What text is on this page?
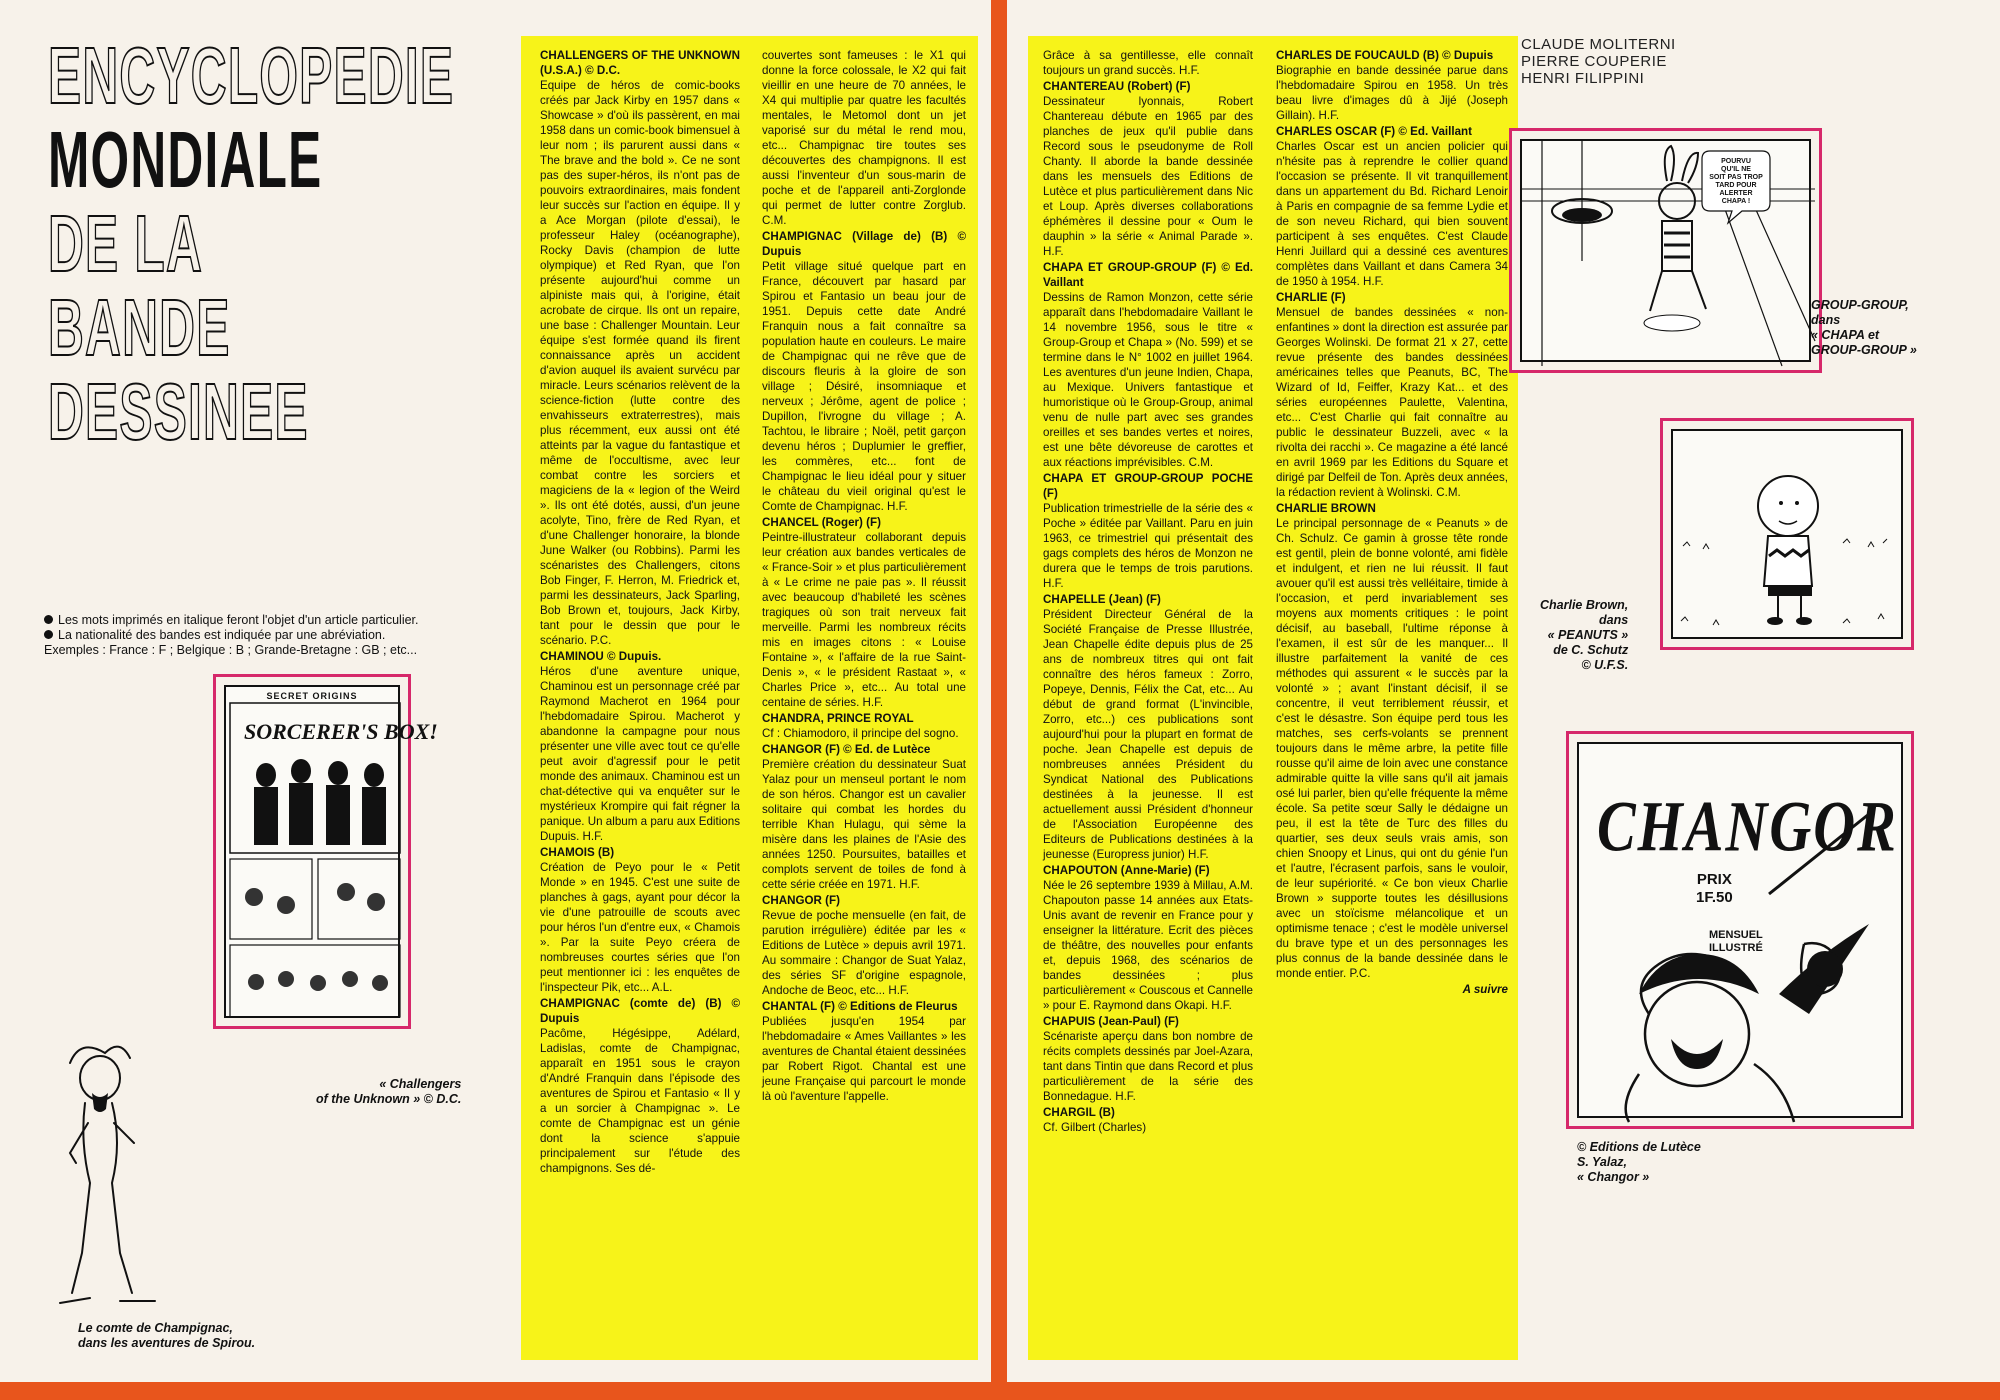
ENCYCLOPEDIE
MONDIALE
DE LA
BANDE
DESSINEE

Les mots imprimés en italique feront l'objet d'un article particulier.

La nationalité des bandes est indiquée par une abréviation.

Exemples : France : F ; Belgique : B ; Grande-Bretagne : GB ; etc...

CHALLENGERS OF THE UNKNOWN (U.S.A.) © D.C.
Equipe de héros de comic-books créés par Jack Kirby en 1957 dans « Showcase » d'où ils passèrent, en mai 1958 dans un comic-book bimensuel à leur nom ; ils parurent aussi dans « The brave and the bold ». Ce ne sont pas des super-héros, ils n'ont pas de pouvoirs extraordinaires, mais fondent leur succès sur l'action en équipe. Il y a Ace Morgan (pilote d'essai), le professeur Haley (océanographe), Rocky Davis (champion de lutte olympique) et Red Ryan, que l'on présente aujourd'hui comme un alpiniste mais qui, à l'origine, était acrobate de cirque. Ils ont un repaire, une base : Challenger Mountain. Leur équipe s'est formée quand ils firent connaissance après un accident d'avion auquel ils avaient survécu par miracle. Leurs scénarios relèvent de la science-fiction (lutte contre des envahisseurs extraterrestres), mais plus récemment, eux aussi ont été atteints par la vague du fantastique et même de l'occultisme, avec leur combat contre les sorciers et magiciens de la « legion of the Weird ». Ils ont été dotés, aussi, d'un jeune acolyte, Tino, frère de Red Ryan, et d'une Challenger honoraire, la blonde June Walker (ou Robbins). Parmi les scénaristes des Challengers, citons Bob Finger, F. Herron, M. Friedrick et, parmi les dessinateurs, Jack Sparling, Bob Brown et, toujours, Jack Kirby, tant pour le dessin que pour le scénario. P.C.

CHAMINOU © Dupuis.
Héros d'une aventure unique, Chaminou est un personnage créé par Raymond Macherot en 1964 pour l'hebdomadaire Spirou. Macherot y abandonne la campagne pour nous présenter une ville avec tout ce qu'elle peut avoir d'agressif pour le petit monde des animaux. Chaminou est un chat-détective qui va enquêter sur le mystérieux Krompire qui fait régner la panique. Un album a paru aux Editions Dupuis. H.F.

CHAMOIS (B)
Création de Peyo pour le « Petit Monde » en 1945. C'est une suite de planches à gags, ayant pour décor la vie d'une patrouille de scouts avec pour héros l'un d'entre eux, « Chamois ». Par la suite Peyo créera de nombreuses courtes séries que l'on peut mentionner ici : les enquêtes de l'inspecteur Pik, etc... A.L.

CHAMPIGNAC (comte de) (B) © Dupuis
Pacôme, Hégésippe, Adélard, Ladislas, comte de Champignac, apparaît en 1951 sous le crayon d'André Franquin dans l'épisode des aventures de Spirou et Fantasio « Il y a un sorcier à Champignac ». Le comte de Champignac est un génie dont la science s'appuie principalement sur l'étude des champignons. Ses dé-

couvertes sont fameuses : le X1 qui donne la force colossale, le X2 qui fait vieillir en une heure de 70 années, le X4 qui multiplie par quatre les facultés mentales, le Metomol dont un jet vaporisé sur du métal le rend mou, etc... Champignac tire toutes ses découvertes des champignons. Il est aussi l'inventeur d'un sous-marin de poche et de l'appareil anti-Zorglonde qui permet de lutter contre Zorglub. C.M.

CHAMPIGNAC (Village de) (B) © Dupuis
Petit village situé quelque part en France, découvert par hasard par Spirou et Fantasio un beau jour de 1951. Depuis cette date André Franquin nous a fait connaître sa population haute en couleurs. Le maire de Champignac qui ne rêve que de discours fleuris à la gloire de son village ; Désiré, insomniaque et nerveux ; Jérôme, agent de police ; Dupillon, l'ivrogne du village ; A. Tachtou, le libraire ; Noël, petit garçon devenu héros ; Duplumier le greffier, les commères, etc... font de Champignac le lieu idéal pour y situer le château du vieil original qu'est le Comte de Champignac. H.F.

CHANCEL (Roger) (F)
Peintre-illustrateur collaborant depuis leur création aux bandes verticales de « France-Soir » et plus particulièrement à « Le crime ne paie pas ». Il réussit avec beaucoup d'habileté les scènes tragiques où son trait nerveux fait merveille. Parmi les nombreux récits mis en images citons : « Louise Fontaine », « l'affaire de la rue Saint-Denis », « le président Rastaat », « Charles Price », etc... Au total une centaine de séries. H.F.

CHANDRA, PRINCE ROYAL
Cf : Chiamodoro, il principe del sogno.

CHANGOR (F) © Ed. de Lutèce
Première création du dessinateur Suat Yalaz pour un menseul portant le nom de son héros. Changor est un cavalier solitaire qui combat les hordes du terrible Khan Hulagu, qui sème la misère dans les plaines de l'Asie des années 1250. Poursuites, batailles et complots servent de toiles de fond à cette série créée en 1971. H.F.

CHANGOR (F)
Revue de poche mensuelle (en fait, de parution irrégulière) éditée par les « Editions de Lutèce » depuis avril 1971. Au sommaire : Changor de Suat Yalaz, des séries SF d'origine espagnole, Andoche de Beoc, etc... H.F.

CHANTAL (F) © Editions de Fleurus
Publiées jusqu'en 1954 par l'hebdomadaire « Ames Vaillantes » les aventures de Chantal étaient dessinées par Robert Rigot. Chantal est une jeune Française qui parcourt le monde là où l'aventure l'appelle.

Grâce à sa gentillesse, elle connaît toujours un grand succès. H.F.

CHANTEREAU (Robert) (F)
Dessinateur lyonnais, Robert Chantereau débute en 1965 par des planches de jeux qu'il publie dans Record sous le pseudonyme de Roll Chanty. Il aborde la bande dessinée dans les mensuels des Editions de Lutèce et plus particulièrement dans Nic et Loup. Après diverses collaborations éphémères il dessine pour « Oum le dauphin » la série « Animal Parade ». H.F.

CHAPA ET GROUP-GROUP (F) © Ed. Vaillant
Dessins de Ramon Monzon, cette série apparaît dans l'hebdomadaire Vaillant le 14 novembre 1956, sous le titre « Group-Group et Chapa » (No. 599) et se termine dans le N° 1002 en juillet 1964. Les aventures d'un jeune Indien, Chapa, au Mexique. Univers fantastique et humoristique où le Group-Group, animal venu de nulle part avec ses grandes oreilles et ses bandes vertes et noires, est une bête dévoreuse de carottes et aux réactions imprévisibles. C.M.

CHAPA ET GROUP-GROUP POCHE (F)
Publication trimestrielle de la série des « Poche » éditée par Vaillant. Paru en juin 1963, ce trimestriel qui présentait des gags complets des héros de Monzon ne durera que le temps de trois parutions. H.F.

CHAPELLE (Jean) (F)
Président Directeur Général de la Société Française de Presse Illustrée, Jean Chapelle édite depuis plus de 25 ans de nombreux titres qui ont fait connaître des héros fameux : Zorro, Popeye, Dennis, Félix the Cat, etc... Au début de grand format (L'invincible, Zorro, etc...) ces publications sont aujourd'hui pour la plupart en format de poche. Jean Chapelle est depuis de nombreuses années Président du Syndicat National des Publications destinées à la jeunesse. Il est actuellement aussi Président d'honneur de l'Association Européenne des Editeurs de Publications destinées à la jeunesse (Europress junior) H.F.

CHAPOUTON (Anne-Marie) (F)
Née le 26 septembre 1939 à Millau, A.M. Chapouton passe 14 années aux Etats-Unis avant de revenir en France pour y enseigner la littérature. Ecrit des pièces de théâtre, des nouvelles pour enfants et, depuis 1968, des scénarios de bandes dessinées ; plus particulièrement « Couscous et Cannelle » pour E. Raymond dans Okapi. H.F.

CHAPUIS (Jean-Paul) (F)
Scénariste aperçu dans bon nombre de récits complets dessinés par Joel-Azara, tant dans Tintin que dans Record et plus particulièrement de la série des Bonnedague. H.F.

CHARGIL (B)
Cf. Gilbert (Charles)

CHARLES DE FOUCAULD (B) © Dupuis
Biographie en bande dessinée parue dans l'hebdomadaire Spirou en 1958. Un très beau livre d'images dû à Jijé (Joseph Gillain). H.F.

CHARLES OSCAR (F) © Ed. Vaillant
Charles Oscar est un ancien policier qui n'hésite pas à reprendre le collier quand l'occasion se présente. Il vit tranquillement dans un appartement du Bd. Richard Lenoir à Paris en compagnie de sa femme Lydie et de son neveu Richard, qui bien souvent participent à ses enquêtes. C'est Claude Henri Juillard qui a dessiné ces aventures complètes dans Vaillant et dans Camera 34 de 1950 à 1954. H.F.

CHARLIE (F)
Mensuel de bandes dessinées « non-enfantines » dont la direction est assurée par Georges Wolinski. De format 21 x 27, cette revue présente des bandes dessinées américaines telles que Peanuts, BC, The Wizard of Id, Feiffer, Krazy Kat... et des séries européennes Paulette, Valentina, etc... C'est Charlie qui fait connaître au public le dessinateur Buzzeli, avec « la rivolta dei racchi ». Ce magazine a été lancé en avril 1969 par les Editions du Square et dirigé par Delfeil de Ton. Après deux années, la rédaction revient à Wolinski. C.M.

CHARLIE BROWN
Le principal personnage de « Peanuts » de Ch. Schulz. Ce gamin à grosse tête ronde est gentil, plein de bonne volonté, ami fidèle et indulgent, et rien ne lui réussit. Il faut avouer qu'il est aussi très velléitaire, timide à l'occasion, et perd invariablement ses moyens aux moments critiques : le point décisif, au baseball, l'ultime réponse à l'examen, il est sûr de les manquer... Il illustre parfaitement la vanité de ces méthodes qui assurent « le succès par la volonté » ; avant l'instant décisif, il se concentre, il veut terriblement réussir, et c'est le désastre. Son équipe perd tous les matches, ses cerfs-volants se prennent toujours dans le même arbre, la petite fille rousse qu'il aime de loin avec une constance admirable quitte la ville sans qu'il ait jamais osé lui parler, bien qu'elle fréquente la même école. Sa petite sœur Sally le dédaigne un peu, il est la tête de Turc des filles du quartier, ses deux seuls vrais amis, son chien Snoopy et Linus, qui ont du génie l'un et l'autre, l'écrasent parfois, sans le vouloir, de leur supériorité. « Ce bon vieux Charlie Brown » supporte toutes les désillusions avec un stoïcisme mélancolique et un optimisme tenace ; c'est le modèle universel du brave type et un des personnages les plus connus de la bande dessinée dans le monde entier. P.C.

A suivre

CLAUDE MOLITERNI
PIERRE COUPERIE
HENRI FILIPPINI
SECRET ORIGINS
SORCERER'S BOX!
« Challengers
of the Unknown » © D.C.
Le comte de Champignac,
dans les aventures de Spirou.
POURVU
QU'IL NE
SOIT PAS TROP
TARD POUR
ALERTER
CHAPA !
GROUP-GROUP,
dans
« CHAPA et
GROUP-GROUP »
Charlie Brown,
dans
« PEANUTS »
de C. Schutz
© U.F.S.
CHANGOR
PRIX
1F.50
MENSUEL
ILLUSTRÉ
© Editions de Lutèce
S. Yalaz,
« Changor »
